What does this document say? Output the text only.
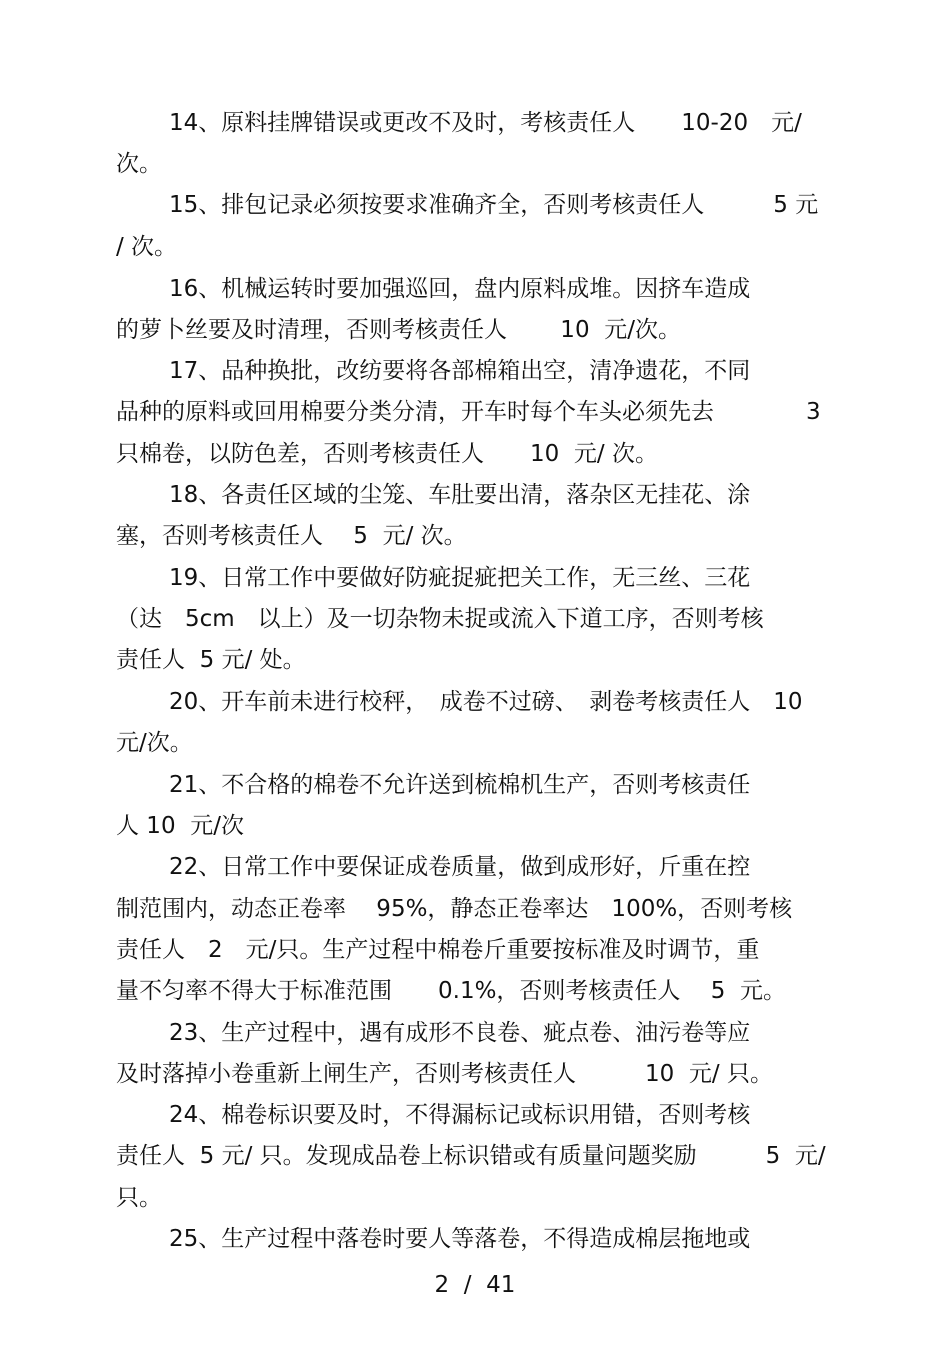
14、原料挂牌错误或更改不及时，考核责任人　　10-20　元/
次。
15、排包记录必须按要求准确齐全，否则考核责任人　　　5 元
/ 次。
16、机械运转时要加强巡回，盘内原料成堆。因挤车造成
的萝卜丝要及时清理，否则考核责任人　　 10  元/次。
17、品种换批，改纺要将各部棉箱出空，清净遗花，不同
品种的原料或回用棉要分类分清，开车时每个车头必须先去　　　　3
只棉卷，以防色差，否则考核责任人　　10  元/ 次。
18、各责任区域的尘笼、车肚要出清，落杂区无挂花、涂
塞，否则考核责任人　 5  元/ 次。
19、日常工作中要做好防疵捉疵把关工作，无三丝、三花
（达　5cm　以上）及一切杂物未捉或流入下道工序，否则考核
责任人  5 元/ 处。
20、开车前未进行校秤，　成卷不过磅、　剥卷考核责任人　10
元/次。
21、不合格的棉卷不允许送到梳棉机生产，否则考核责任
人 10  元/次
22、日常工作中要保证成卷质量，做到成形好，斤重在控
制范围内，动态正卷率　 95%，静态正卷率达　100%，否则考核
责任人　2　元/只。生产过程中棉卷斤重要按标准及时调节，重
量不匀率不得大于标准范围　　0.1%，否则考核责任人　 5  元。
23、生产过程中，遇有成形不良卷、疵点卷、油污卷等应
及时落掉小卷重新上闸生产，否则考核责任人　　　10  元/ 只。
24、棉卷标识要及时，不得漏标记或标识用错，否则考核
责任人  5 元/ 只。发现成品卷上标识错或有质量问题奖励　　　5  元/
只。
25、生产过程中落卷时要人等落卷，不得造成棉层拖地或
2  /  41
